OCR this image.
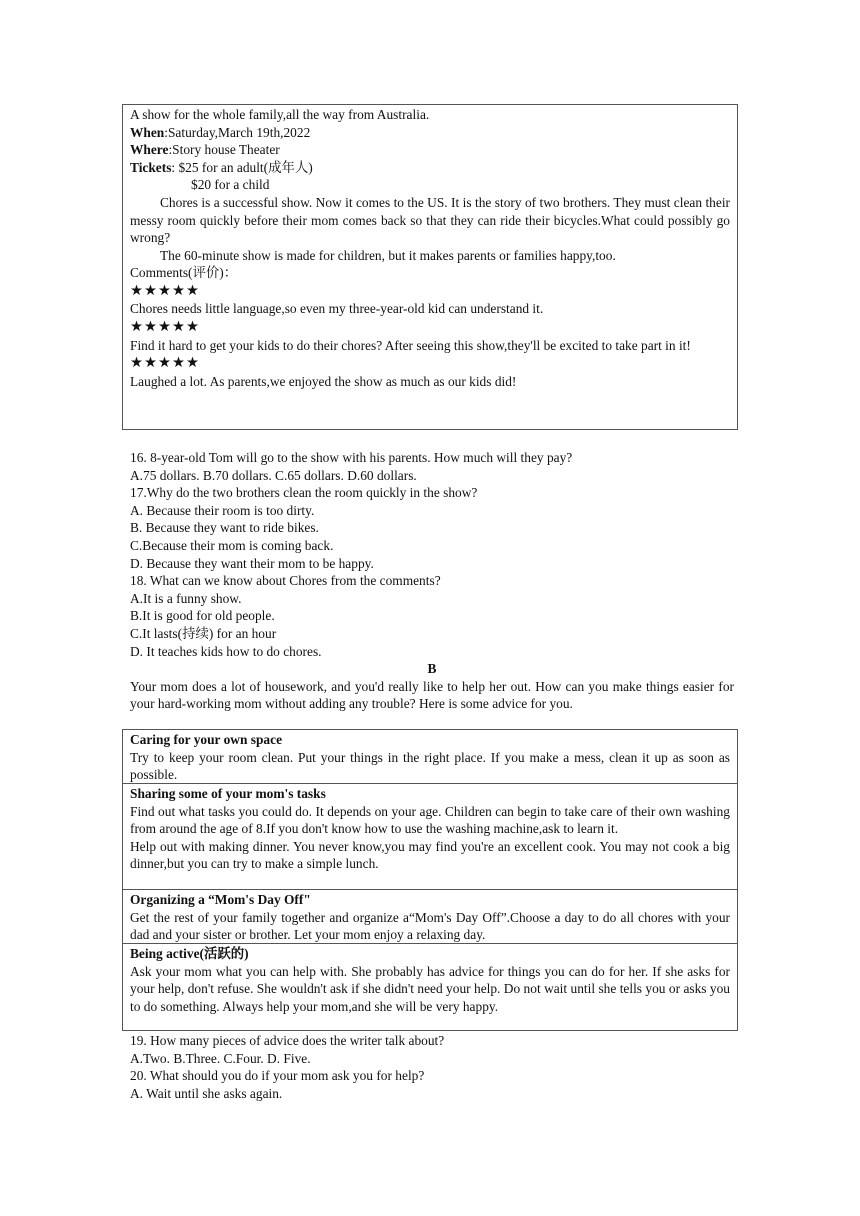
A show for the whole family,all the way from Australia.
When:Saturday,March 19th,2022
Where:Story house Theater
Tickets: $25 for an adult(成年人)
$20 for a child
Chores is a successful show. Now it comes to the US. It is the story of two brothers. They must clean their messy room quickly before their mom comes back so that they can ride their bicycles.What could possibly go wrong?
The 60-minute show is made for children, but it makes parents or families happy,too.
Comments(评价)：
★★★★★
Chores needs little language,so even my three-year-old kid can understand it.
★★★★★
Find it hard to get your kids to do their chores? After seeing this show,they'll be excited to take part in it!
★★★★★
Laughed a lot. As parents,we enjoyed the show as much as our kids did!
16. 8-year-old Tom will go to the show with his parents. How much will they pay?
A.75 dollars. B.70 dollars. C.65 dollars. D.60 dollars.
17.Why do the two brothers clean the room quickly in the show?
A. Because their room is too dirty.
B. Because they want to ride bikes.
C.Because their mom is coming back.
D. Because they want their mom to be happy.
18. What can we know about Chores from the comments?
A.It is a funny show.
B.It is good for old people.
C.It lasts(持续) for an hour
D. It teaches kids how to do chores.
B
Your mom does a lot of housework, and you'd really like to help her out. How can you make things easier for your hard-working mom without adding any trouble? Here is some advice for you.
Caring for your own space
Try to keep your room clean. Put your things in the right place. If you make a mess, clean it up as soon as possible.
Sharing some of your mom's tasks
Find out what tasks you could do. It depends on your age. Children can begin to take care of their own washing from around the age of 8.If you don't know how to use the washing machine,ask to learn it.
Help out with making dinner. You never know,you may find you're an excellent cook. You may not cook a big dinner,but you can try to make a simple lunch.
Organizing a “Mom's Day Off"
Get the rest of your family together and organize a“Mom's Day Off”.Choose a day to do all chores with your dad and your sister or brother. Let your mom enjoy a relaxing day.
Being active(活跃的)
Ask your mom what you can help with. She probably has advice for things you can do for her. If she asks for your help, don't refuse. She wouldn't ask if she didn't need your help. Do not wait until she tells you or asks you to do something. Always help your mom,and she will be very happy.
19. How many pieces of advice does the writer talk about?
A.Two. B.Three. C.Four. D. Five.
20. What should you do if your mom ask you for help?
A. Wait until she asks again.
